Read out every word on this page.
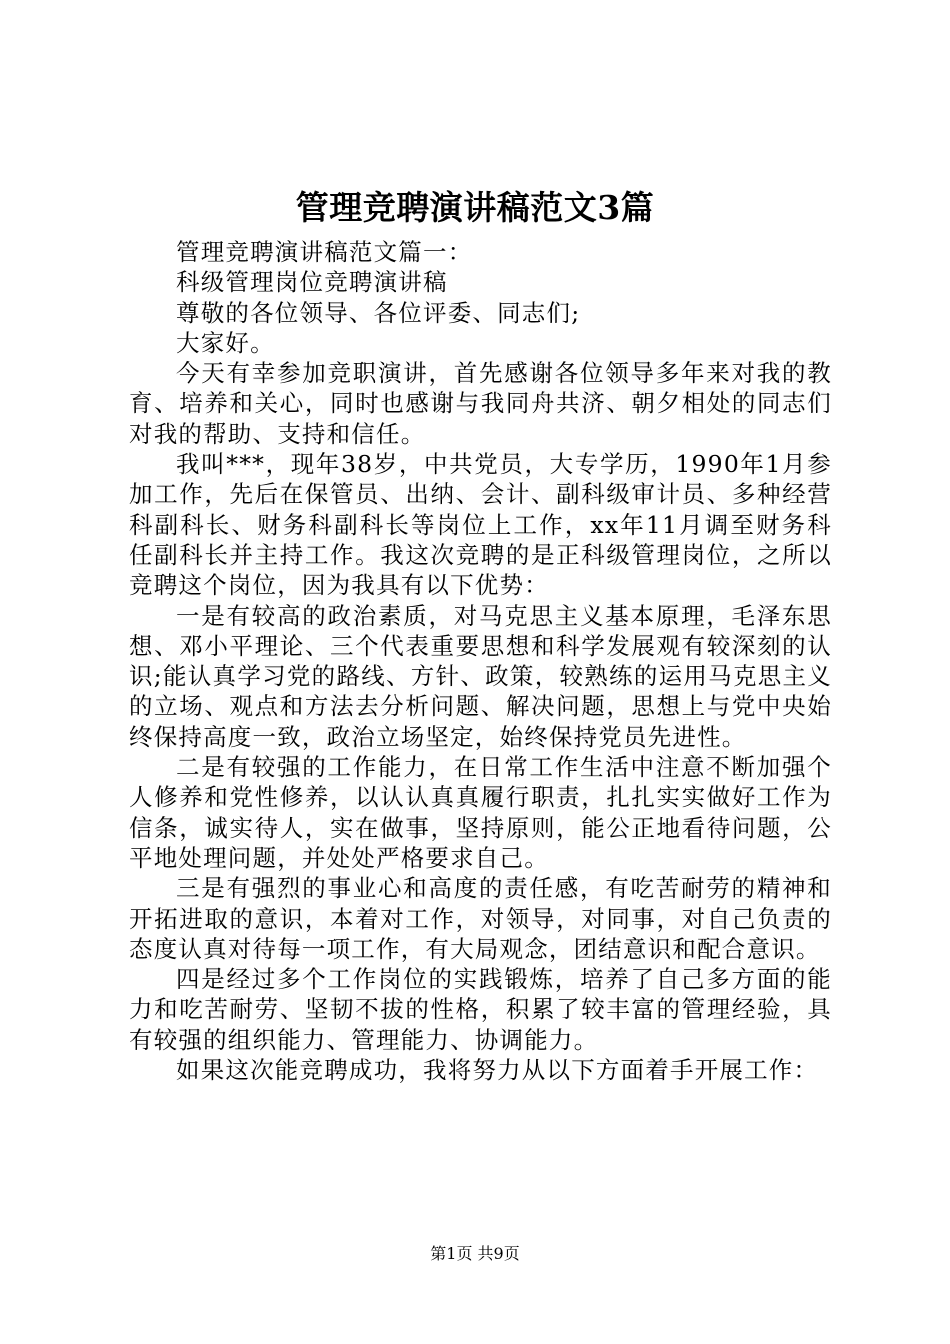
管理竞聘演讲稿范文3篇

管理竞聘演讲稿范文篇一：

科级管理岗位竞聘演讲稿

尊敬的各位领导、各位评委、同志们;

大家好。

今天有幸参加竞职演讲，首先感谢各位领导多年来对我的教育、培养和关心，同时也感谢与我同舟共济、朝夕相处的同志们对我的帮助、支持和信任。

我叫***，现年38岁，中共党员，大专学历，1990年1月参加工作，先后在保管员、出纳、会计、副科级审计员、多种经营科副科长、财务科副科长等岗位上工作，xx年11月调至财务科任副科长并主持工作。我这次竞聘的是正科级管理岗位，之所以竞聘这个岗位，因为我具有以下优势：

一是有较高的政治素质，对马克思主义基本原理，毛泽东思想、邓小平理论、三个代表重要思想和科学发展观有较深刻的认识;能认真学习党的路线、方针、政策，较熟练的运用马克思主义的立场、观点和方法去分析问题、解决问题，思想上与党中央始终保持高度一致，政治立场坚定，始终保持党员先进性。

二是有较强的工作能力，在日常工作生活中注意不断加强个人修养和党性修养，以认认真真履行职责，扎扎实实做好工作为信条，诚实待人，实在做事，坚持原则，能公正地看待问题，公平地处理问题，并处处严格要求自己。

三是有强烈的事业心和高度的责任感，有吃苦耐劳的精神和开拓进取的意识，本着对工作，对领导，对同事，对自己负责的态度认真对待每一项工作，有大局观念，团结意识和配合意识。

四是经过多个工作岗位的实践锻炼，培养了自己多方面的能力和吃苦耐劳、坚韧不拔的性格，积累了较丰富的管理经验，具有较强的组织能力、管理能力、协调能力。

如果这次能竞聘成功，我将努力从以下方面着手开展工作：

第1页 共9页
